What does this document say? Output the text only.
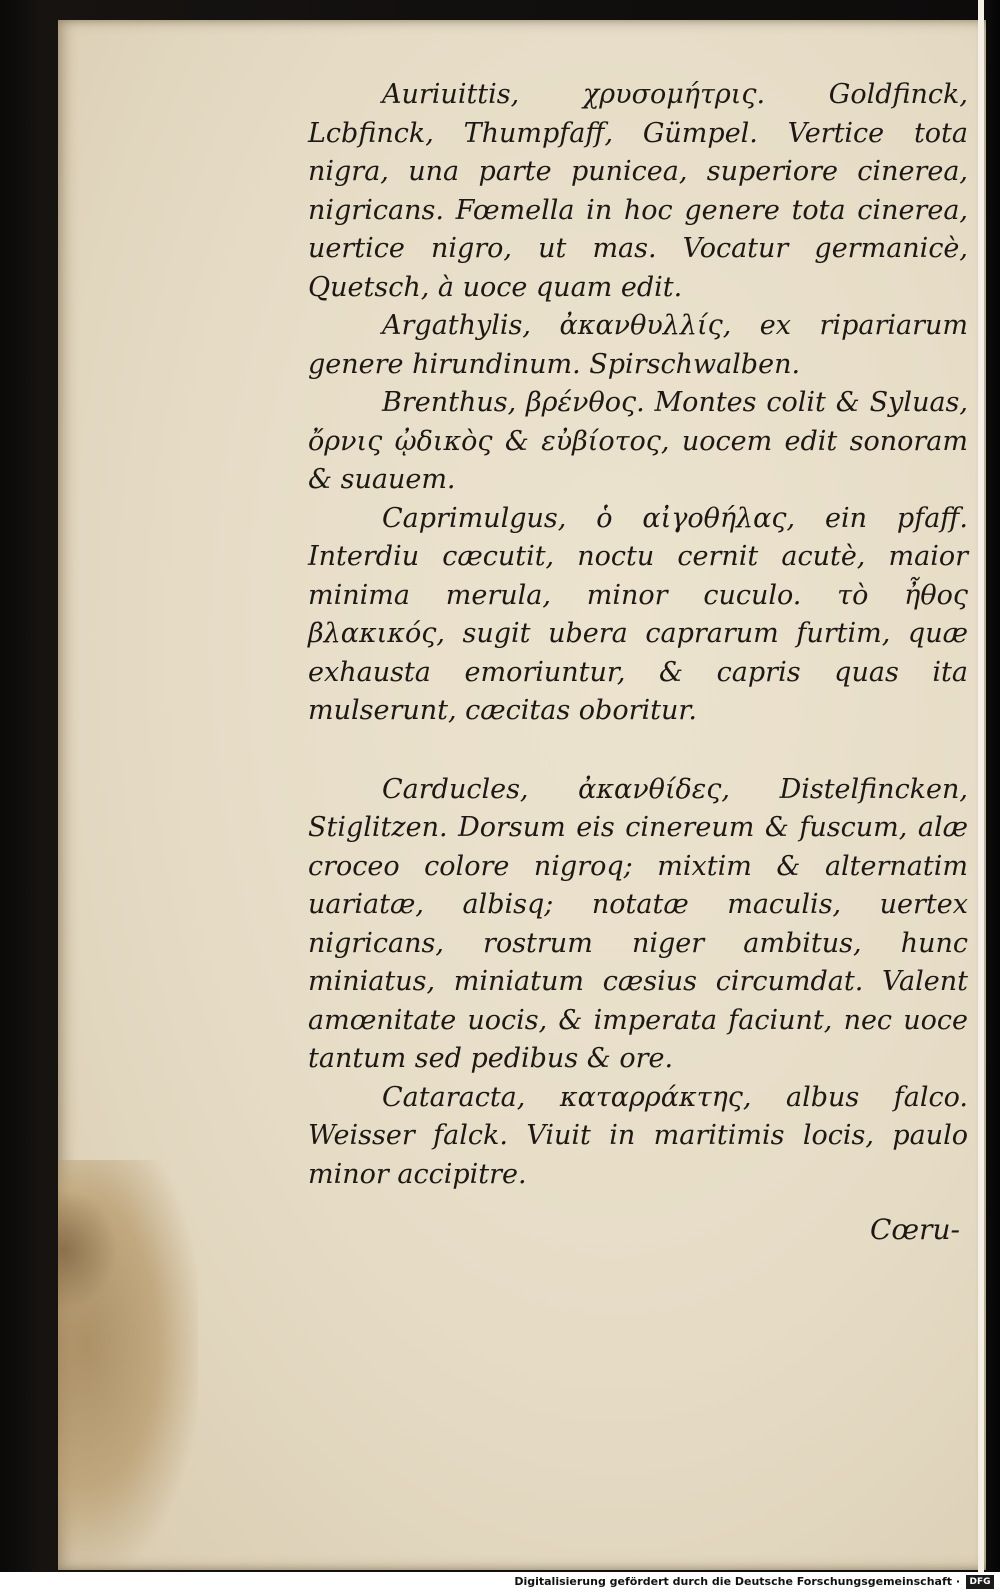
Auriuittis, χρυσομήτρις. Goldfinck, Lcbfinck, Thumpfaff, Gümpel. Vertice tota nigra, una parte punicea, superiore cinerea, nigricans. Fœmella in hoc genere tota cinerea, uertice nigro, ut mas. Vocatur germanicè, Quetsch, à uoce quam edit.

Argathylis, ἀκανθυλλίς, ex ripariarum genere hirundinum. Spirschwalben.

Brenthus, βρένθος. Montes colit & Syluas, ὄρνις ᾠδικὸς & εὐβίοτος, uocem edit sonoram & suauem.

Caprimulgus, ὁ αἰγοθήλας, ein pfaff. Interdiu cæcutit, noctu cernit acutè, maior minima merula, minor cuculo. τὸ ἦθος βλακικός, sugit ubera caprarum furtim, quæ exhausta emoriuntur, & capris quas ita mulserunt, cæcitas oboritur.

Carducles, ἀκανθίδες, Distelfincken, Stiglitzen. Dorsum eis cinereum & fuscum, alæ croceo colore nigroq; mixtim & alternatim uariatæ, albisq; notatæ maculis, uertex nigricans, rostrum niger ambitus, hunc miniatus, miniatum cæsius circumdat. Valent amœnitate uocis, & imperata faciunt, nec uoce tantum sed pedibus & ore.

Cataracta, καταρράκτης, albus falco. Weisser falck. Viuit in maritimis locis, paulo minor accipitre.

Cœru-
Digitalisierung gefördert durch die Deutsche Forschungsgemeinschaft ·	DFG
